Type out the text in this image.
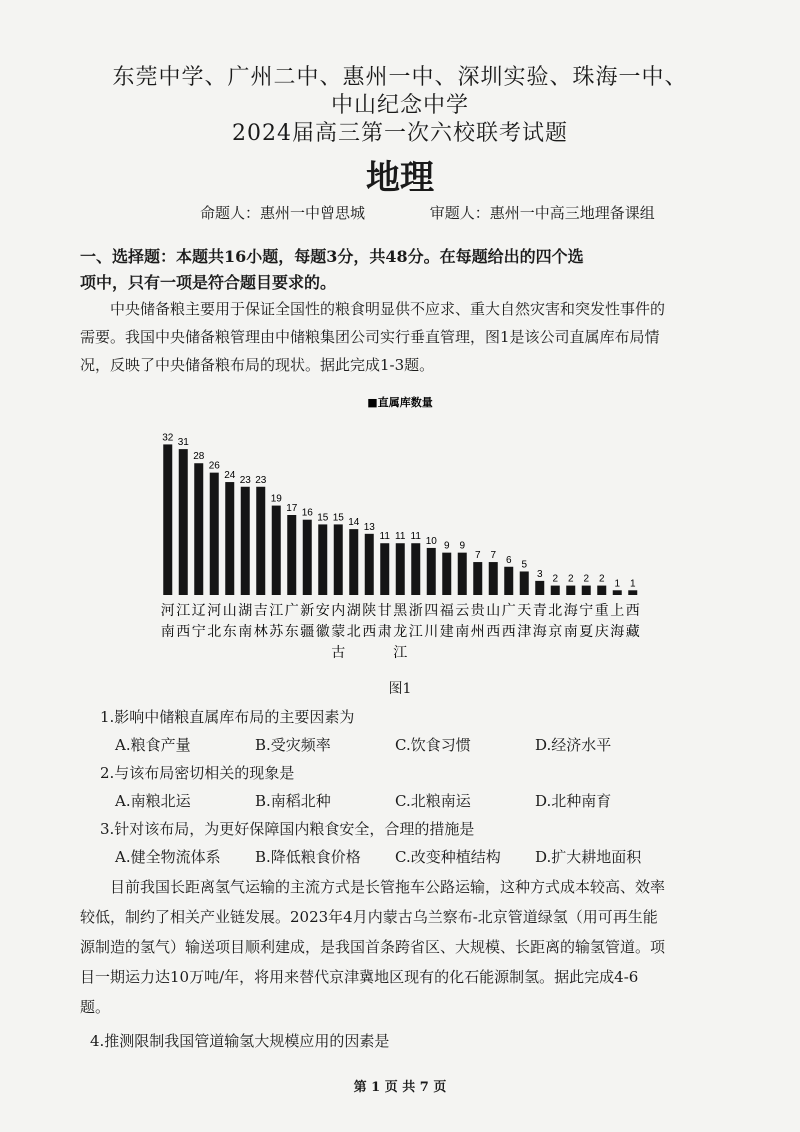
东莞中学、广州二中、惠州一中、深圳实验、珠海一中、
中山纪念中学
2024届高三第一次六校联考试题
地理
命题人：惠州一中曾思城	审题人：惠州一中高三地理备课组
一、选择题：本题共16小题，每题3分，共48分。在每题给出的四个选
项中，只有一项是符合题目要求的。
中央储备粮主要用于保证全国性的粮食明显供不应求、重大自然灾害和突发性事件的
需要。我国中央储备粮管理由中储粮集团公司实行垂直管理，图1是该公司直属库布局情
况，反映了中央储备粮布局的现状。据此完成1-3题。
■直属库数量
32
河
南
31
江
西
28
辽
宁
26
河
北
24
山
东
23
湖
南
23
吉
林
19
江
苏
17
广
东
16
新
疆
15
安
徽
15
内
蒙
古
14
湖
北
13
陕
西
11
甘
肃
11
黑
龙
江
11
浙
江
10
四
川
9
福
建
9
云
南
7
贵
州
7
山
西
6
广
西
5
天
津
3
青
海
2
北
京
2
海
南
2
宁
夏
2
重
庆
1
上
海
1
西
藏
图1
1.影响中储粮直属库布局的主要因素为
A.粮食产量	B.受灾频率	C.饮食习惯	D.经济水平
2.与该布局密切相关的现象是
A.南粮北运	B.南稻北种	C.北粮南运	D.北种南育
3.针对该布局，为更好保障国内粮食安全，合理的措施是
A.健全物流体系	B.降低粮食价格	C.改变种植结构	D.扩大耕地面积
目前我国长距离氢气运输的主流方式是长管拖车公路运输，这种方式成本较高、效率
较低，制约了相关产业链发展。2023年4月内蒙古乌兰察布-北京管道绿氢（用可再生能
源制造的氢气）输送项目顺利建成，是我国首条跨省区、大规模、长距离的输氢管道。项
目一期运力达10万吨/年，将用来替代京津冀地区现有的化石能源制氢。据此完成4-6
题。
4.推测限制我国管道输氢大规模应用的因素是
第 1 页 共 7 页
